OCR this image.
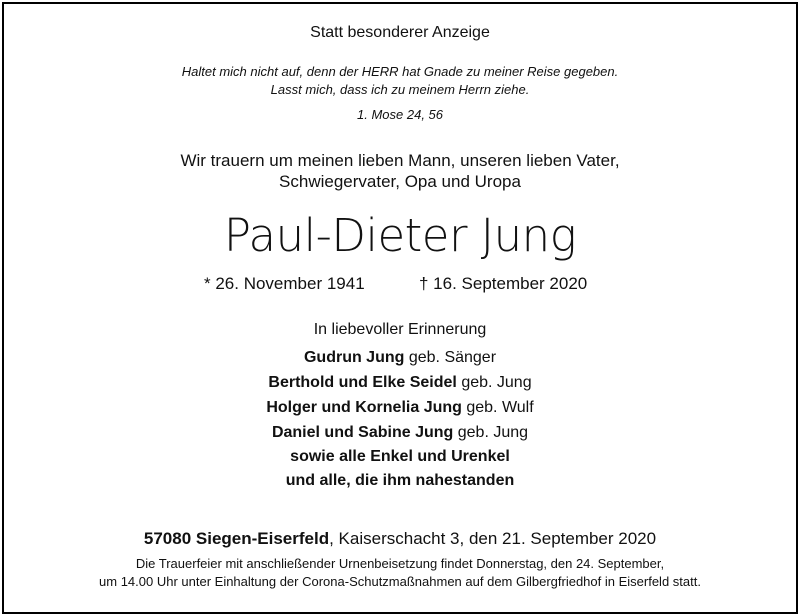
Statt besonderer Anzeige
Haltet mich nicht auf, denn der HERR hat Gnade zu meiner Reise gegeben.
Lasst mich, dass ich zu meinem Herrn ziehe.
1. Mose 24, 56
Wir trauern um meinen lieben Mann, unseren lieben Vater,
Schwiegervater, Opa und Uropa
Paul-Dieter Jung
* 26. November 1941	† 16. September 2020
In liebevoller Erinnerung
Gudrun Jung geb. Sänger
Berthold und Elke Seidel geb. Jung
Holger und Kornelia Jung geb. Wulf
Daniel und Sabine Jung geb. Jung
sowie alle Enkel und Urenkel
und alle, die ihm nahestanden
57080 Siegen-Eiserfeld, Kaiserschacht 3, den 21. September 2020
Die Trauerfeier mit anschließender Urnenbeisetzung findet Donnerstag, den 24. September,
um 14.00 Uhr unter Einhaltung der Corona-Schutzmaßnahmen auf dem Gilbergfriedhof in Eiserfeld statt.
